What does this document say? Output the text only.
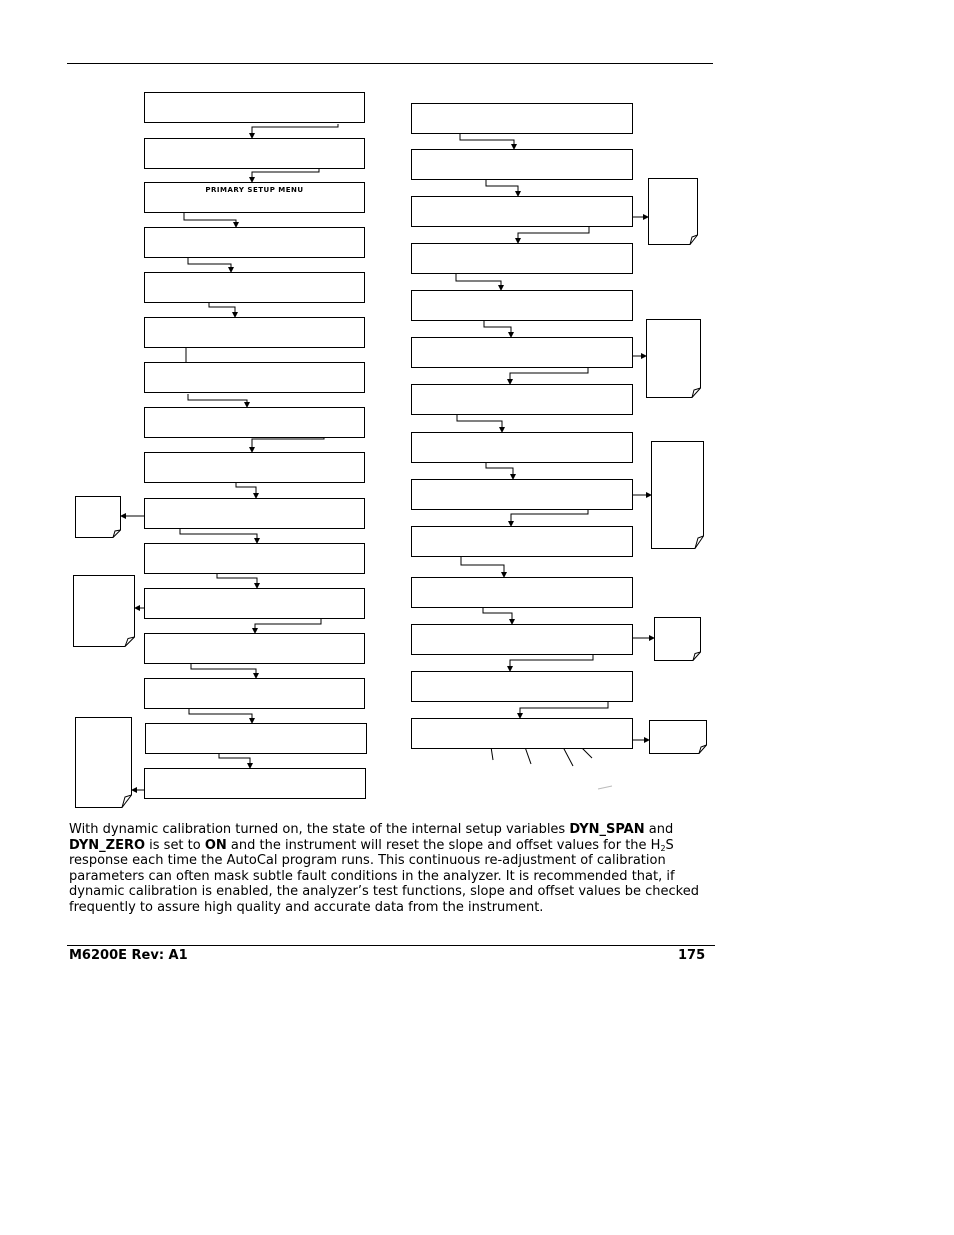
PRIMARY SETUP MENU
With dynamic calibration turned on, the state of the internal setup variables DYN_SPAN and DYN_ZERO is set to ON and the instrument will reset the slope and offset values for the $H_2S$ response each time the AutoCal program runs. This continuous re-adjustment of calibration parameters can often mask subtle fault conditions in the analyzer. It is recommended that, if dynamic calibration is enabled, the analyzer’s test functions, slope and offset values be checked frequently to assure high quality and accurate data from the instrument.
M6200E Rev: A1	175
